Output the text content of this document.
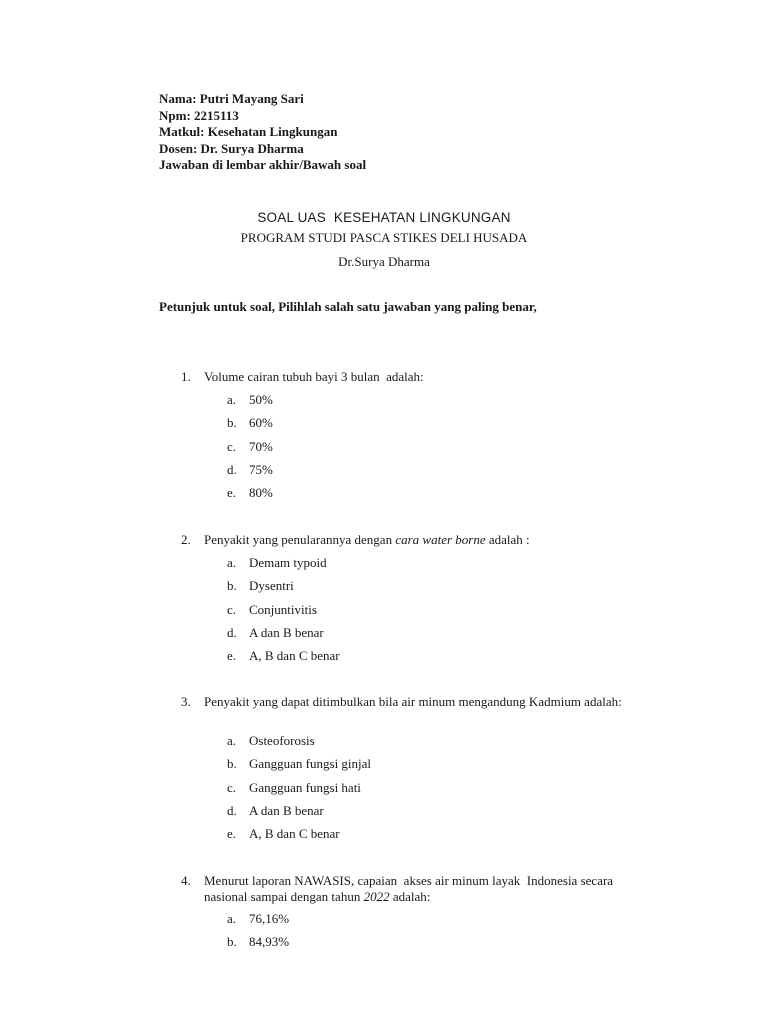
Nama: Putri Mayang Sari
Npm: 2215113
Matkul: Kesehatan Lingkungan
Dosen: Dr. Surya Dharma
Jawaban di lembar akhir/Bawah soal
SOAL UAS  KESEHATAN LINGKUNGAN
PROGRAM STUDI PASCA STIKES DELI HUSADA
Dr.Surya Dharma
Petunjuk untuk soal, Pilihlah salah satu jawaban yang paling benar,
1. Volume cairan tubuh bayi 3 bulan  adalah:
a. 50%
b. 60%
c. 70%
d. 75%
e. 80%
2. Penyakit yang penularannya dengan cara water borne adalah :
a. Demam typoid
b. Dysentri
c. Conjuntivitis
d. A dan B benar
e. A, B dan C benar
3. Penyakit yang dapat ditimbulkan bila air minum mengandung Kadmium adalah:
a. Osteoforosis
b. Gangguan fungsi ginjal
c. Gangguan fungsi hati
d. A dan B benar
e. A, B dan C benar
4. Menurut laporan NAWASIS, capaian  akses air minum layak  Indonesia secara nasional sampai dengan tahun 2022 adalah:
a. 76,16%
b. 84,93%
